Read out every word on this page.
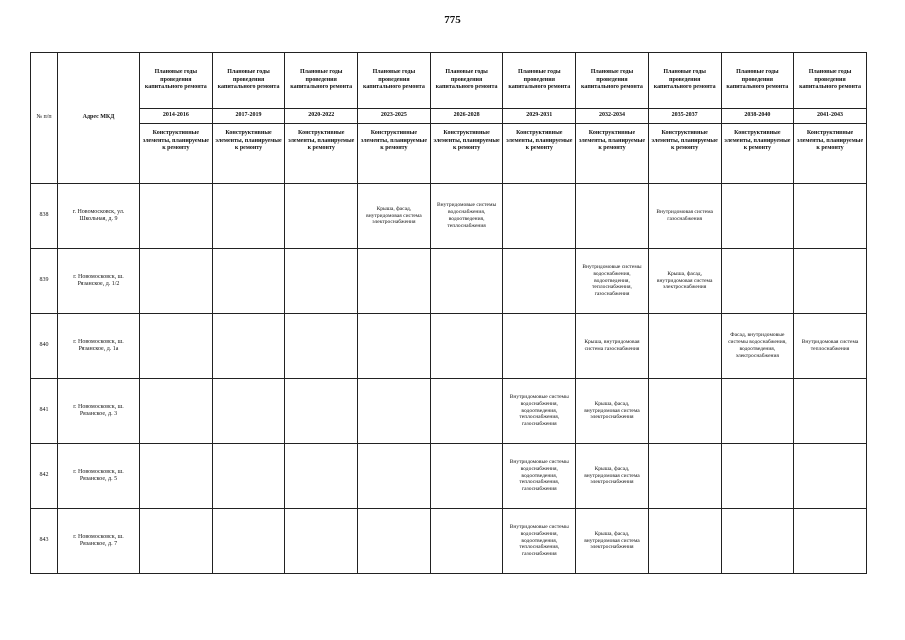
775
№ п/п	Адрес МКД	Плановые годы проведения капитального ремонта	Плановые годы проведения капитального ремонта	Плановые годы проведения капитального ремонта	Плановые годы проведения капитального ремонта	Плановые годы проведения капитального ремонта	Плановые годы проведения капитального ремонта	Плановые годы проведения капитального ремонта	Плановые годы проведения капитального ремонта	Плановые годы проведения капитального ремонта	Плановые годы проведения капитального ремонта
		2014-2016	2017-2019	2020-2022	2023-2025	2026-2028	2029-2031	2032-2034	2035-2037	2038-2040	2041-2043
		Конструктивные элементы, планируемые к ремонту	Конструктивные элементы, планируемые к ремонту	Конструктивные элементы, планируемые к ремонту	Конструктивные элементы, планируемые к ремонту	Конструктивные элементы, планируемые к ремонту	Конструктивные элементы, планируемые к ремонту	Конструктивные элементы, планируемые к ремонту	Конструктивные элементы, планируемые к ремонту	Конструктивные элементы, планируемые к ремонту	Конструктивные элементы, планируемые к ремонту
838	г. Новомосковск, ул. Школьная, д. 9				Крыша, фасад, внутридомовая система электроснабжения	Внутридомовые системы водоснабжения, водоотведения, теплоснабжения			Внутридомовая система газоснабжения		
839	г. Новомосковск, ш. Рязанское, д. 1/2							Внутридомовые системы водоснабжения, водоотведения, теплоснабжения, газоснабжения	Крыша, фасад, внутридомовая система электроснабжения		
840	г. Новомосковск, ш. Рязанское, д. 1а							Крыша, внутридомовая система газоснабжения		Фасад, внутридомовые системы водоснабжения, водоотведения, электроснабжения	Внутридомовая система теплоснабжения
841	г. Новомосковск, ш. Рязанское, д. 3						Внутридомовые системы водоснабжения, водоотведения, теплоснабжения, газоснабжения	Крыша, фасад, внутридомовая система электроснабжения			
842	г. Новомосковск, ш. Рязанское, д. 5						Внутридомовые системы водоснабжения, водоотведения, теплоснабжения, газоснабжения	Крыша, фасад, внутридомовая система электроснабжения			
843	г. Новомосковск, ш. Рязанское, д. 7						Внутридомовые системы водоснабжения, водоотведения, теплоснабжения, газоснабжения	Крыша, фасад, внутридомовая система электроснабжения			
